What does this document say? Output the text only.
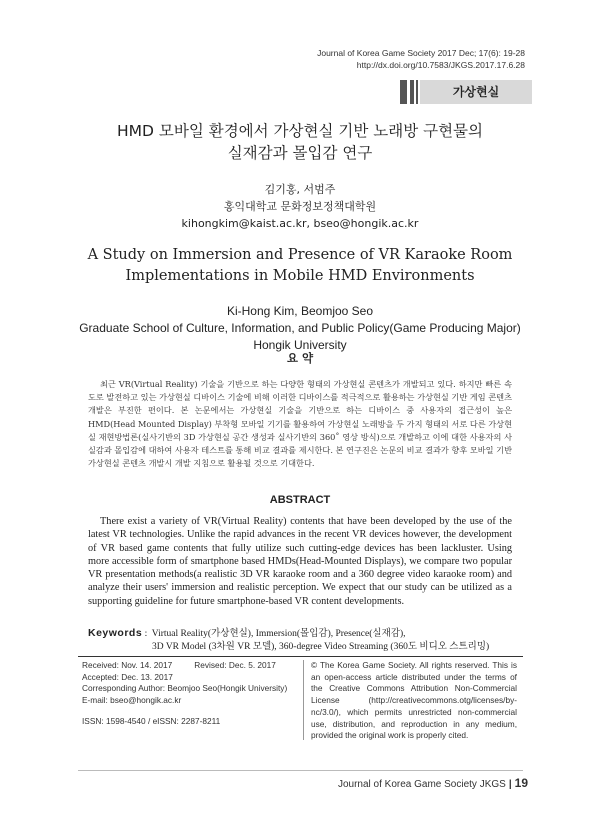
Journal of Korea Game Society 2017 Dec; 17(6): 19-28
http://dx.doi.org/10.7583/JKGS.2017.17.6.28
가상현실
HMD 모바일 환경에서 가상현실 기반 노래방 구현물의
실재감과 몰입감 연구
김기홍, 서범주
홍익대학교 문화정보정책대학원
kihongkim@kaist.ac.kr, bseo@hongik.ac.kr
A Study on Immersion and Presence of VR Karaoke Room
Implementations in Mobile HMD Environments
Ki-Hong Kim, Beomjoo Seo
Graduate School of Culture, Information, and Public Policy(Game Producing Major)
Hongik University
요 약
최근 VR(Virtual Reality) 기술을 기반으로 하는 다양한 형태의 가상현실 콘텐츠가 개발되고 있다. 하지만 빠른 속도로 발전하고 있는 가상현실 디바이스 기술에 비해 이러한 디바이스를 적극적으로 활용하는 가상현실 기반 게임 콘텐츠 개발은 부진한 편이다. 본 논문에서는 가상현실 기술을 기반으로 하는 디바이스 중 사용자의 접근성이 높은 HMD(Head Mounted Display) 부착형 모바일 기기를 활용하여 가상현실 노래방을 두 가지 형태의 서로 다른 가상현실 재현방법론(실사기반의 3D 가상현실 공간 생성과 실사기반의 360˚ 영상 방식)으로 개발하고 이에 대한 사용자의 사실감과 몰입감에 대하여 사용자 테스트를 통해 비교 결과를 제시한다. 본 연구진은 논문의 비교 결과가 향후 모바일 기반 가상현실 콘텐츠 개발시 개발 지침으로 활용될 것으로 기대한다.
ABSTRACT
There exist a variety of VR(Virtual Reality) contents that have been developed by the use of the latest VR technologies. Unlike the rapid advances in the recent VR devices however, the development of VR based game contents that fully utilize such cutting-edge devices has been lackluster. Using more accessible form of smartphone based HMDs(Head-Mounted Displays), we compare two popular VR presentation methods(a realistic 3D VR karaoke room and a 360 degree video karaoke room) and analyze their users' immersion and realistic perception. We expect that our study can be utilized as a supporting guideline for future smartphone-based VR content developments.
Keywords :  Virtual Reality(가상현실), Immersion(몰입감), Presence(실재감),
3D VR Model (3차원 VR 모델), 360-degree Video Streaming (360도 비디오 스트리밍)
Received: Nov. 14. 2017	Revised: Dec. 5. 2017
Accepted: Dec. 13. 2017
Corresponding Author: Beomjoo Seo(Hongik University)
E-mail: bseo@hongik.ac.kr
ISSN: 1598-4540 / eISSN: 2287-8211
© The Korea Game Society. All rights reserved. This is an open-access article distributed under the terms of the Creative Commons Attribution Non-Commercial License (http://creativecommons.otg/licenses/by-nc/3.0/), which permits unrestricted non-commercial use, distribution, and reproduction in any medium, provided the original work is properly cited.
Journal of Korea Game Society JKGS | 19
